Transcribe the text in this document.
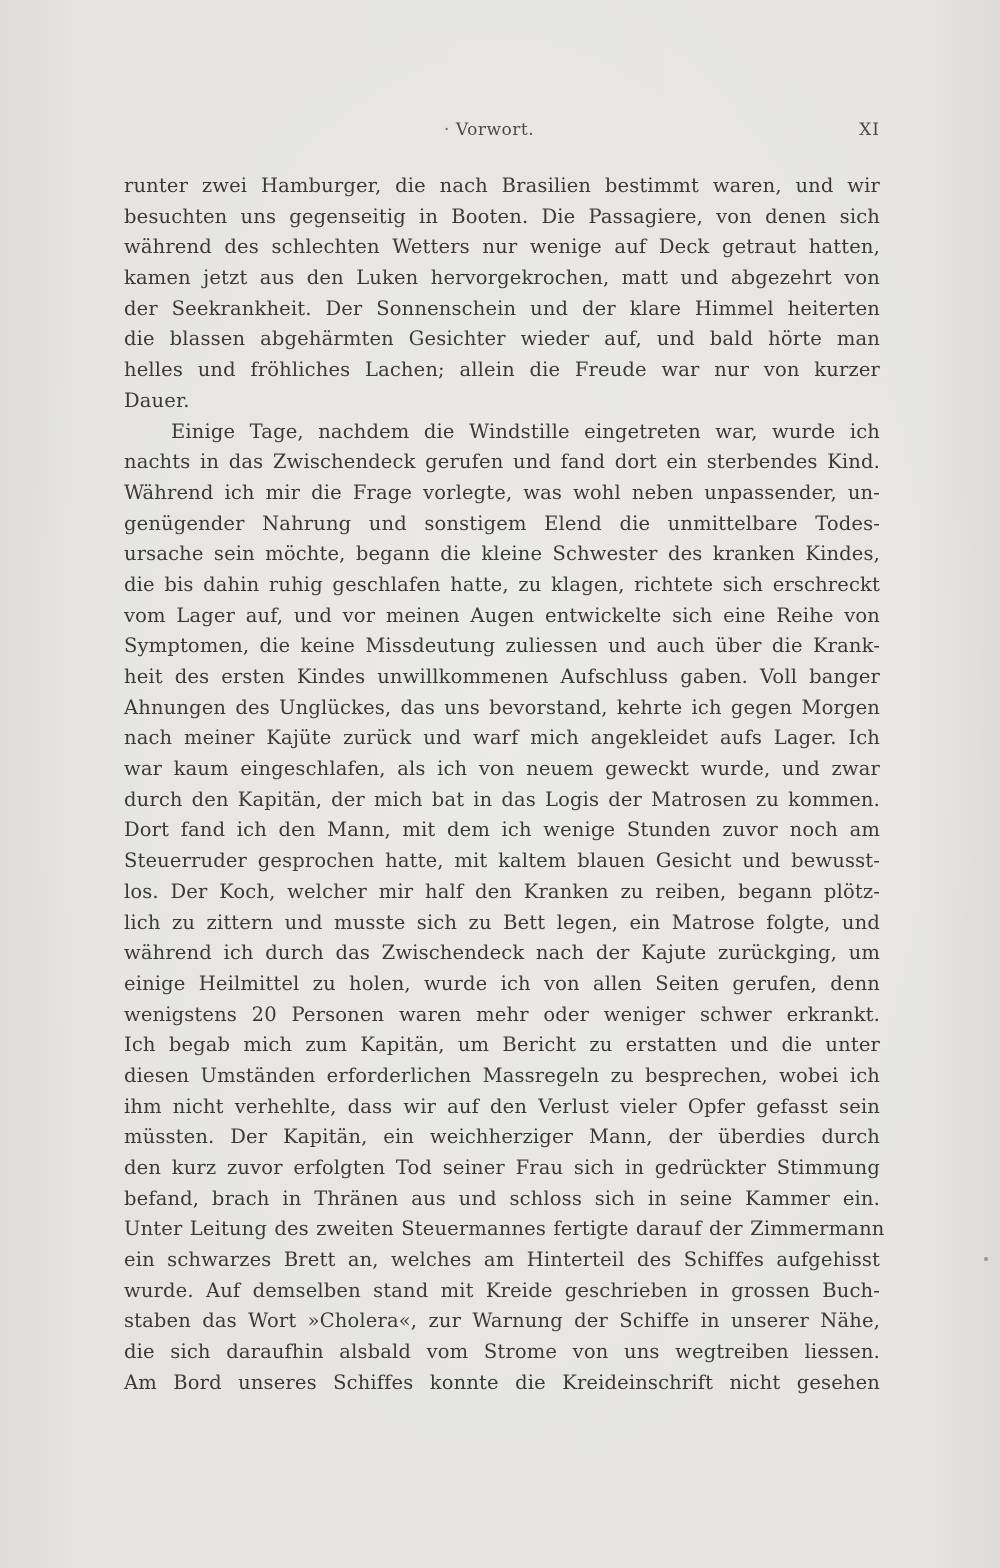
· Vorwort.	XI
runter zwei Hamburger, die nach Brasilien bestimmt waren, und wir
besuchten uns gegenseitig in Booten. Die Passagiere, von denen sich
während des schlechten Wetters nur wenige auf Deck getraut hatten,
kamen jetzt aus den Luken hervorgekrochen, matt und abgezehrt von
der Seekrankheit. Der Sonnenschein und der klare Himmel heiterten
die blassen abgehärmten Gesichter wieder auf, und bald hörte man
helles und fröhliches Lachen; allein die Freude war nur von kurzer
Dauer.
Einige Tage, nachdem die Windstille eingetreten war, wurde ich
nachts in das Zwischendeck gerufen und fand dort ein sterbendes Kind.
Während ich mir die Frage vorlegte, was wohl neben unpassender, un-
genügender Nahrung und sonstigem Elend die unmittelbare Todes-
ursache sein möchte, begann die kleine Schwester des kranken Kindes,
die bis dahin ruhig geschlafen hatte, zu klagen, richtete sich erschreckt
vom Lager auf, und vor meinen Augen entwickelte sich eine Reihe von
Symptomen, die keine Missdeutung zuliessen und auch über die Krank-
heit des ersten Kindes unwillkommenen Aufschluss gaben. Voll banger
Ahnungen des Unglückes, das uns bevorstand, kehrte ich gegen Morgen
nach meiner Kajüte zurück und warf mich angekleidet aufs Lager. Ich
war kaum eingeschlafen, als ich von neuem geweckt wurde, und zwar
durch den Kapitän, der mich bat in das Logis der Matrosen zu kommen.
Dort fand ich den Mann, mit dem ich wenige Stunden zuvor noch am
Steuerruder gesprochen hatte, mit kaltem blauen Gesicht und bewusst-
los. Der Koch, welcher mir half den Kranken zu reiben, begann plötz-
lich zu zittern und musste sich zu Bett legen, ein Matrose folgte, und
während ich durch das Zwischendeck nach der Kajute zurückging, um
einige Heilmittel zu holen, wurde ich von allen Seiten gerufen, denn
wenigstens 20 Personen waren mehr oder weniger schwer erkrankt.
Ich begab mich zum Kapitän, um Bericht zu erstatten und die unter
diesen Umständen erforderlichen Massregeln zu besprechen, wobei ich
ihm nicht verhehlte, dass wir auf den Verlust vieler Opfer gefasst sein
müssten. Der Kapitän, ein weichherziger Mann, der überdies durch
den kurz zuvor erfolgten Tod seiner Frau sich in gedrückter Stimmung
befand, brach in Thränen aus und schloss sich in seine Kammer ein.
Unter Leitung des zweiten Steuermannes fertigte darauf der Zimmermann
ein schwarzes Brett an, welches am Hinterteil des Schiffes aufgehisst
wurde. Auf demselben stand mit Kreide geschrieben in grossen Buch-
staben das Wort »Cholera«, zur Warnung der Schiffe in unserer Nähe,
die sich daraufhin alsbald vom Strome von uns wegtreiben liessen.
Am Bord unseres Schiffes konnte die Kreideinschrift nicht gesehen
